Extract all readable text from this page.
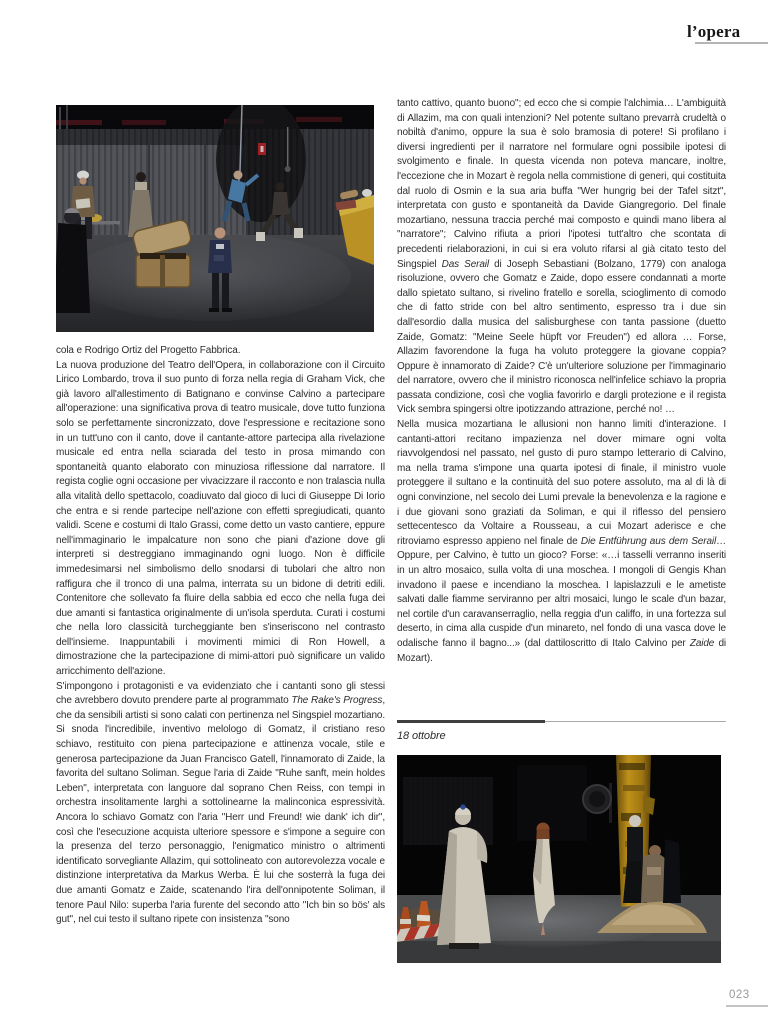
l’opera

cola e Rodrigo Ortiz del Progetto Fabbrica.

La nuova produzione del Teatro dell'Opera, in collaborazione con il Circuito Lirico Lombardo, trova il suo punto di forza nella regia di Graham Vick, che già lavoro all'allestimento di Batignano e convinse Calvino a partecipare all'operazione: una significativa prova di teatro musicale, dove tutto funziona solo se perfettamente sincronizzato, dove l'espressione e recitazione sono in un tutt'uno con il canto, dove il cantante-attore partecipa alla rivelazione musicale ed entra nella sciarada del testo in prosa mimando con spontaneità quanto elaborato con minuziosa riflessione dal narratore. Il regista coglie ogni occasione per vivacizzare il racconto e non tralascia nulla alla vitalità dello spettacolo, coadiuvato dal gioco di luci di Giuseppe Di Iorio che entra e si rende partecipe nell'azione con effetti spregiudicati, quanto validi. Scene e costumi di Italo Grassi, come detto un vasto cantiere, eppure nell'immaginario le impalcature non sono che piani d'azione dove gli interpreti si destreggiano immaginando ogni luogo. Non è difficile immedesimarsi nel simbolismo dello snodarsi di tubolari che altro non raffigura che il tronco di una palma, interrata su un bidone di detriti edili. Contenitore che sollevato fa fluire della sabbia ed ecco che nella fuga dei due amanti si fantastica originalmente di un'isola sperduta. Curati i costumi che nella loro classicità turcheggiante ben s'inseriscono nel contrasto dell'insieme. Inappuntabili i movimenti mimici di Ron Howell, a dimostrazione che la partecipazione di mimi-attori può significare un valido arricchimento dell'azione.

S'impongono i protagonisti e va evidenziato che i cantanti sono gli stessi che avrebbero dovuto prendere parte al programmato The Rake's Progress, che da sensibili artisti si sono calati con pertinenza nel Singspiel mozartiano. Si snoda l'incredibile, inventivo melologo di Gomatz, il cristiano reso schiavo, restituito con piena partecipazione e attinenza vocale, stile e generosa partecipazione da Juan Francisco Gatell, l'innamorato di Zaide, la favorita del sultano Soliman. Segue l'aria di Zaide "Ruhe sanft, mein holdes Leben", interpretata con languore dal soprano Chen Reiss, con tempi in orchestra insolitamente larghi a sottolinearne la malinconica espressività. Ancora lo schiavo Gomatz con l'aria "Herr und Freund! wie dank' ich dir", così che l'esecuzione acquista ulteriore spessore e s'impone a seguire con la presenza del terzo personaggio, l'enigmatico ministro o altrimenti identificato sorvegliante Allazim, qui sottolineato con autorevolezza vocale e distinzione interpretativa da Markus Werba. È lui che sosterrà la fuga dei due amanti Gomatz e Zaide, scatenando l'ira dell'onnipotente Soliman, il tenore Paul Nilo: superba l'aria furente del secondo atto "Ich bin so bös' als gut", nel cui testo il sultano ripete con insistenza "sono

tanto cattivo, quanto buono"; ed ecco che si compie l'alchimia… L'ambiguità di Allazim, ma con quali intenzioni? Nel potente sultano prevarrà crudeltà o nobiltà d'animo, oppure la sua è solo bramosia di potere! Si profilano i diversi ingredienti per il narratore nel formulare ogni possibile ipotesi di svolgimento e finale. In questa vicenda non poteva mancare, inoltre, l'eccezione che in Mozart è regola nella commistione di generi, qui costituita dal ruolo di Osmin e la sua aria buffa "Wer hungrig bei der Tafel sitzt", interpretata con gusto e spontaneità da Davide Giangregorio. Del finale mozartiano, nessuna traccia perché mai composto e quindi mano libera al "narratore"; Calvino rifiuta a priori l'ipotesi tutt'altro che scontata di precedenti rielaborazioni, in cui si era voluto rifarsi al già citato testo del Singspiel Das Serail di Joseph Sebastiani (Bolzano, 1779) con analoga risoluzione, ovvero che Gomatz e Zaide, dopo essere condannati a morte dallo spietato sultano, si rivelino fratello e sorella, scioglimento di comodo che di fatto stride con bel altro sentimento, espresso tra i due sin dall'esordio dalla musica del salisburghese con tanta passione (duetto Zaide, Gomatz: "Meine Seele hüpft vor Freuden") ed allora … Forse, Allazim favorendone la fuga ha voluto proteggere la giovane coppia? Oppure è innamorato di Zaide? C'è un'ulteriore soluzione per l'immaginario del narratore, ovvero che il ministro riconosca nell'infelice schiavo la propria passata condizione, così che voglia favorirlo e dargli protezione e il regista Vick sembra spingersi oltre ipotizzando attrazione, perché no! …

Nella musica mozartiana le allusioni non hanno limiti d'interazione. I cantanti-attori recitano impazienza nel dover mimare ogni volta riavvolgendosi nel passato, nel gusto di puro stampo letterario di Calvino, ma nella trama s'impone una quarta ipotesi di finale, il ministro vuole proteggere il sultano e la continuità del suo potere assoluto, ma al di là di ogni convinzione, nel secolo dei Lumi prevale la benevolenza e la ragione e i due giovani sono graziati da Soliman, e qui il riflesso del pensiero settecentesco da Voltaire a Rousseau, a cui Mozart aderisce e che ritroviamo espresso appieno nel finale de Die Entführung aus dem Serail… Oppure, per Calvino, è tutto un gioco? Forse: «…i tasselli verranno inseriti in un altro mosaico, sulla volta di una moschea. I mongoli di Gengis Khan invadono il paese e incendiano la moschea. I lapislazzuli e le ametiste salvati dalle fiamme serviranno per altri mosaici, lungo le scale d'un bazar, nel cortile d'un caravanserraglio, nella reggia d'un califfo, in una fortezza sul deserto, in cima alla cuspide d'un minareto, nel fondo di una vasca dove le odalische fanno il bagno...» (dal dattiloscritto di Italo Calvino per Zaide di Mozart).

18 ottobre
023
